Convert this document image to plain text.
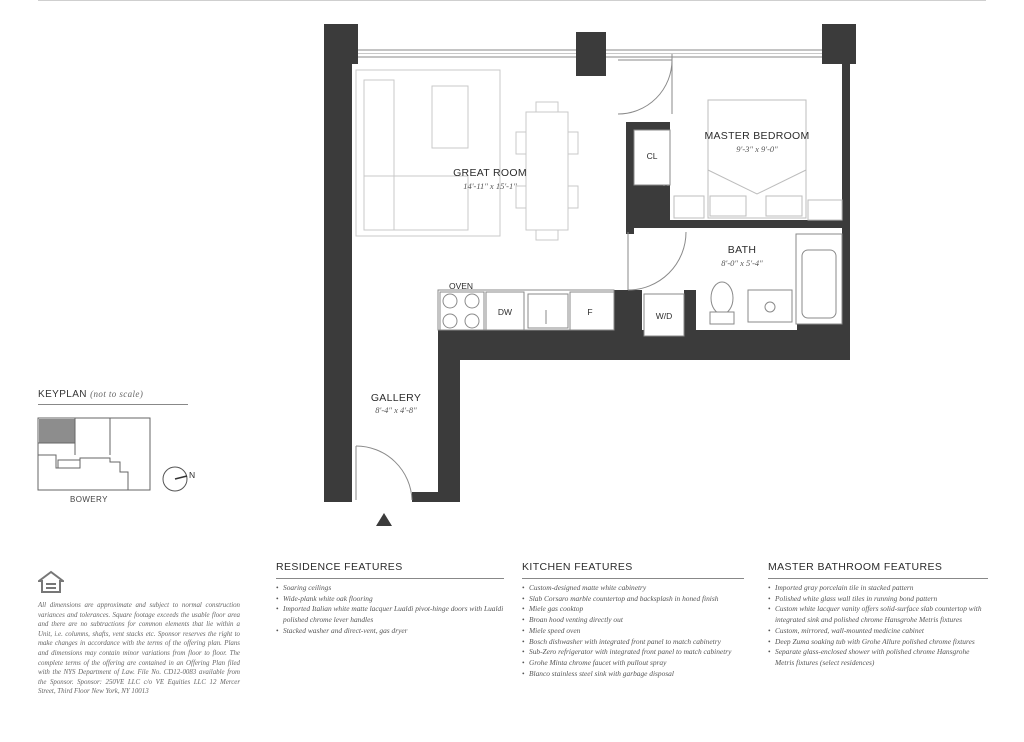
GREAT ROOM
14'-11" x 15'-1"
MASTER BEDROOM
9'-3" x 9'-0"
BATH
8'-0" x 5'-4"
GALLERY
8'-4" x 4'-8"
CL
OVEN
DW	F	W/D
N
KEYPLAN (not to scale)
BOWERY

All dimensions are approximate and subject to normal construction variances and tolerances. Square footage exceeds the usable floor area and there are no subtractions for common elements that lie within a Unit, i.e. columns, shafts, vent stacks etc. Sponsor reserves the right to make changes in accordance with the terms of the offering plan. Plans and dimensions may contain minor variations from floor to floor. The complete terms of the offering are contained in an Offering Plan filed with the NYS Department of Law. File No. CD12-0083 available from the Sponsor. Sponsor: 250VE LLC c/o VE Equities LLC 12 Mercer Street, Third Floor New York, NY 10013

RESIDENCE FEATURES
• Soaring ceilings
• Wide-plank white oak flooring
• Imported Italian white matte lacquer Lualdi pivot-hinge doors with Lualdi polished chrome lever handles
• Stacked washer and direct-vent, gas dryer
KITCHEN FEATURES
• Custom-designed matte white cabinetry
• Slab Corsaro marble countertop and backsplash in honed finish
• Miele gas cooktop
• Broan hood venting directly out
• Miele speed oven
• Bosch dishwasher with integrated front panel to match cabinetry
• Sub-Zero refrigerator with integrated front panel to match cabinetry
• Grohe Minta chrome faucet with pullout spray
• Blanco stainless steel sink with garbage disposal
MASTER BATHROOM FEATURES
• Imported gray porcelain tile in stacked pattern
• Polished white glass wall tiles in running bond pattern
• Custom white lacquer vanity offers solid-surface slab countertop with integrated sink and polished chrome Hansgrohe Metris fixtures
• Custom, mirrored, wall-mounted medicine cabinet
• Deep Zuma soaking tub with Grohe Allure polished chrome fixtures
• Separate glass-enclosed shower with polished chrome Hansgrohe Metris fixtures (select residences)
